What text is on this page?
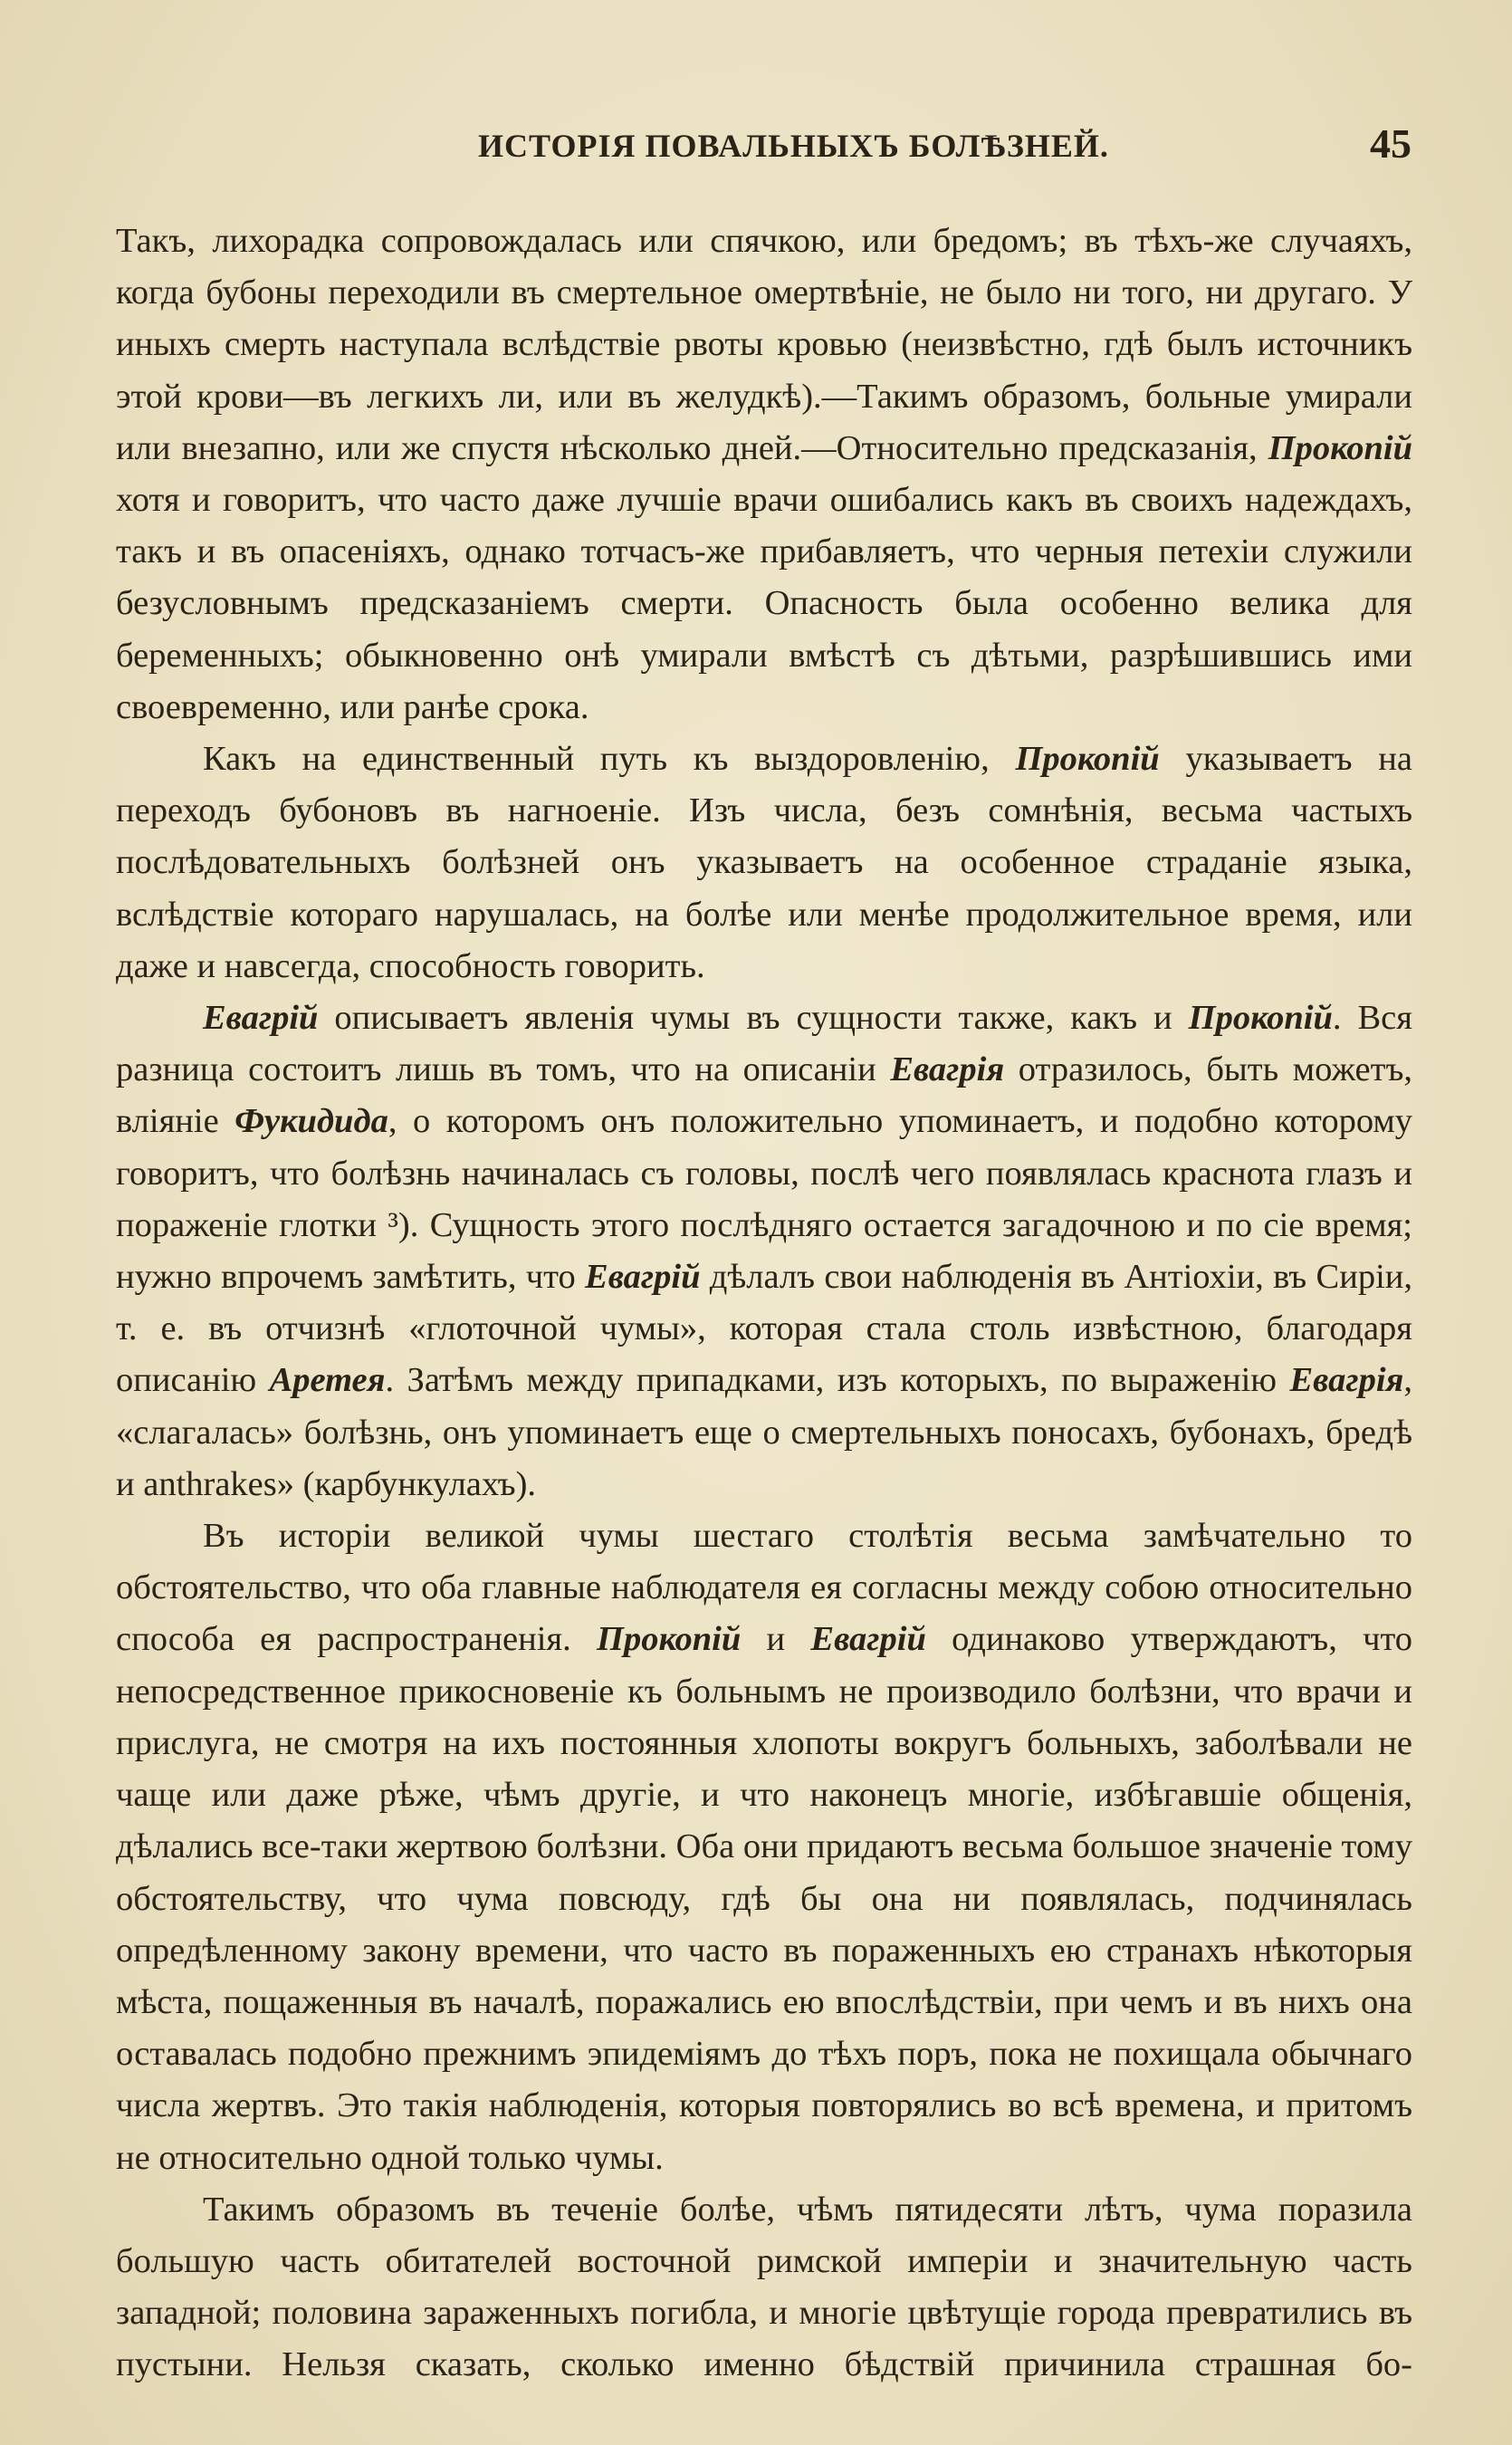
ИСТОРІЯ ПОВАЛЬНЫХЪ БОЛѢЗНЕЙ.	45

Такъ, лихорадка сопровождалась или спячкою, или бредомъ; въ тѣхъ-же случаяхъ, когда бубоны переходили въ смертельное омертвѣніе, не было ни того, ни другаго. У иныхъ смерть наступала вслѣдствіе рвоты кровью (неизвѣстно, гдѣ былъ источникъ этой крови—въ легкихъ ли, или въ желудкѣ).—Такимъ образомъ, больные умирали или внезапно, или же спустя нѣсколько дней.—Относительно предсказанія, Прокопій хотя и говоритъ, что часто даже лучшіе врачи ошибались какъ въ своихъ надеждахъ, такъ и въ опасеніяхъ, однако тотчасъ-же прибавляетъ, что черныя петехіи служили безусловнымъ предсказаніемъ смерти. Опасность была особенно велика для беременныхъ; обыкновенно онѣ умирали вмѣстѣ съ дѣтьми, разрѣшившись ими своевременно, или ранѣе срока.

Какъ на единственный путь къ выздоровленію, Прокопій указываетъ на переходъ бубоновъ въ нагноеніе. Изъ числа, безъ сомнѣнія, весьма частыхъ послѣдовательныхъ болѣзней онъ указываетъ на особенное страданіе языка, вслѣдствіе котораго нарушалась, на болѣе или менѣе продолжительное время, или даже и навсегда, способность говорить.

Евагрій описываетъ явленія чумы въ сущности также, какъ и Прокопій. Вся разница состоитъ лишь въ томъ, что на описаніи Евагрія отразилось, быть можетъ, вліяніе Фукидида, о которомъ онъ положительно упоминаетъ, и подобно которому говоритъ, что болѣзнь начиналась съ головы, послѣ чего появлялась краснота глазъ и пораженіе глотки ³). Сущность этого послѣдняго остается загадочною и по сіе время; нужно впрочемъ замѣтить, что Евагрій дѣлалъ свои наблюденія въ Антіохіи, въ Сиріи, т. е. въ отчизнѣ «глоточной чумы», которая стала столь извѣстною, благодаря описанію Аретея. Затѣмъ между припадками, изъ которыхъ, по выраженію Евагрія, «слагалась» болѣзнь, онъ упоминаетъ еще о смертельныхъ поносахъ, бубонахъ, бредѣ и anthrakes» (карбункулахъ).

Въ исторіи великой чумы шестаго столѣтія весьма замѣчательно то обстоятельство, что оба главные наблюдателя ея согласны между собою относительно способа ея распространенія. Прокопій и Евагрій одинаково утверждаютъ, что непосредственное прикосновеніе къ больнымъ не производило болѣзни, что врачи и прислуга, не смотря на ихъ постоянныя хлопоты вокругъ больныхъ, заболѣвали не чаще или даже рѣже, чѣмъ другіе, и что наконецъ многіе, избѣгавшіе общенія, дѣлались все-таки жертвою болѣзни. Оба они придаютъ весьма большое значеніе тому обстоятельству, что чума повсюду, гдѣ бы она ни появлялась, подчинялась опредѣленному закону времени, что часто въ пораженныхъ ею странахъ нѣкоторыя мѣста, пощаженныя въ началѣ, поражались ею впослѣдствіи, при чемъ и въ нихъ она оставалась подобно прежнимъ эпидеміямъ до тѣхъ поръ, пока не похищала обычнаго числа жертвъ. Это такія наблюденія, которыя повторялись во всѣ времена, и притомъ не относительно одной только чумы.

Такимъ образомъ въ теченіе болѣе, чѣмъ пятидесяти лѣтъ, чума поразила большую часть обитателей восточной римской имперіи и значительную часть западной; половина зараженныхъ погибла, и многіе цвѣтущіе города превратились въ пустыни. Нельзя сказать, сколько именно бѣдствій причинила страшная бо-
